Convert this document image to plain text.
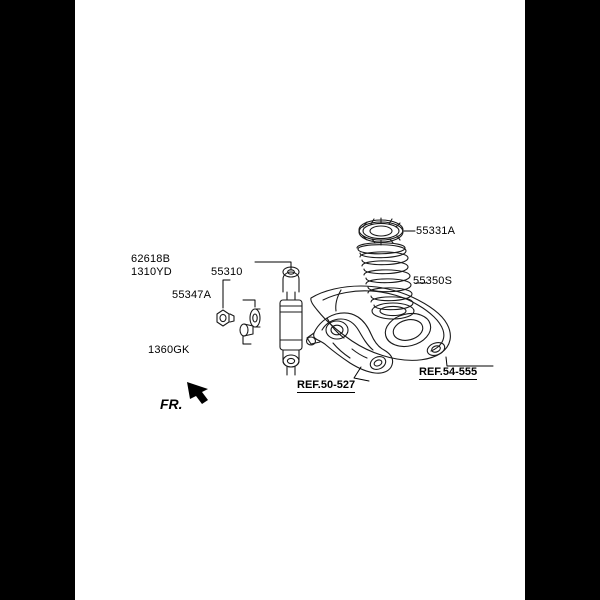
62618B
1310YD	55310
55347A
1360GK
55331A
55350S
REF.50-527
REF.54-555
FR.
